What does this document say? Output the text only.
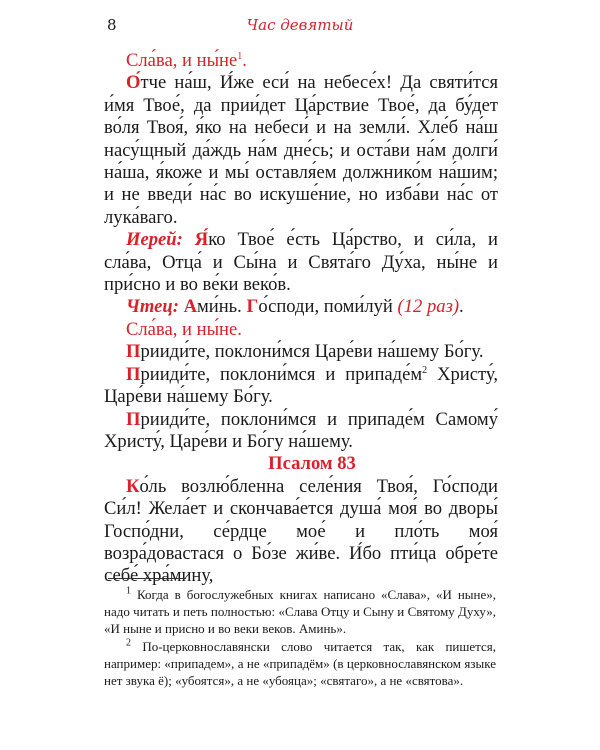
8	Час девятый

Сла́ва, и $ны́не^1$.

О́тче на́ш, И́же еси́ на небесе́х! Да святи́тся и́мя Твое́, да прии́дет Ца́рствие Твое́, да бу́дет во́ля Твоя́, я́ко на небеси́ и на земли́. Хле́б на́ш насу́щный да́ждь на́м дне́сь; и оста́ви на́м долги́ на́ша, я́коже и мы́ оставля́ем должнико́м на́шим; и не введи́ на́с во искуше́ние, но изба́ви на́с от лука́ваго.

Иерей: Я́ко Твое́ е́сть Ца́рство, и си́ла, и сла́ва, Отца́ и Сы́на и Свята́го Ду́ха, ны́не и при́сно и во ве́ки веко́в.

Чтец: Ами́нь. Го́споди, поми́луй (12 раз).

Сла́ва, и ны́не.

Прииди́те, поклони́мся Царе́ви на́шему Бо́гу.

Прииди́те, поклони́мся и $припаде́м^2$ Христу́, Царе́ви на́шему Бо́гу.

Прииди́те, поклони́мся и припаде́м Самому́ Христу́, Царе́ви и Бо́гу на́шему.

Псалом 83

Ко́ль возлю́бленна селе́ния Твоя́, Го́споди Си́л! Жела́ет и скончава́ется душа́ моя́ во дворы́ Госпо́дни, се́рдце мое́ и пло́ть моя́ возра́довастася о Бо́зе жи́ве. И́бо пти́ца обре́те себе́ хра́мину,

$^1$ Когда в богослужебных книгах написано «Слава», «И ныне», надо читать и петь полностью: «Слава Отцу и Сыну и Святому Духу», «И ныне и присно и во веки веков. Аминь».

$^2$ По-церковнославянски слово читается так, как пишется, например: «припадем», а не «припадём» (в церковнославянском языке нет звука ё); «убоятся», а не «убояца»; «святаго», а не «святова».
